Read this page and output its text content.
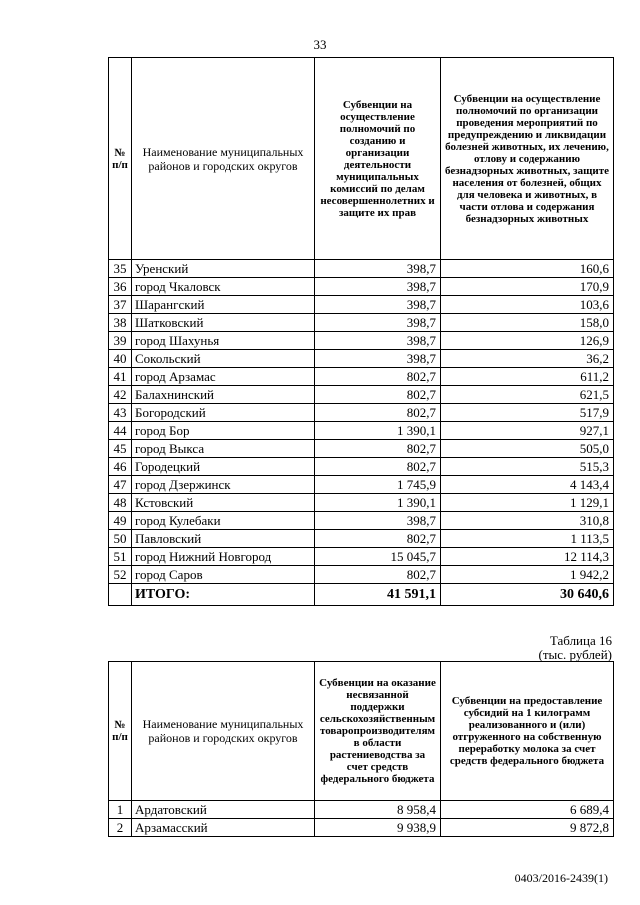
33
№ п/п	Наименование муниципальных районов и городских округов	Субвенции на осуществление полномочий по созданию и организации деятельности муниципальных комиссий по делам несовершеннолетних и защите их прав	Субвенции на осуществление полномочий по организации проведения мероприятий по предупреждению и ликвидации болезней животных, их лечению, отлову и содержанию безнадзорных животных, защите населения от болезней, общих для человека и животных, в части отлова и содержания безнадзорных животных
35	Уренский	398,7	160,6
36	город Чкаловск	398,7	170,9
37	Шарангский	398,7	103,6
38	Шатковский	398,7	158,0
39	город Шахунья	398,7	126,9
40	Сокольский	398,7	36,2
41	город Арзамас	802,7	611,2
42	Балахнинский	802,7	621,5
43	Богородский	802,7	517,9
44	город Бор	1 390,1	927,1
45	город Выкса	802,7	505,0
46	Городецкий	802,7	515,3
47	город Дзержинск	1 745,9	4 143,4
48	Кстовский	1 390,1	1 129,1
49	город Кулебаки	398,7	310,8
50	Павловский	802,7	1 113,5
51	город Нижний Новгород	15 045,7	12 114,3
52	город Саров	802,7	1 942,2
	ИТОГО:	41 591,1	30 640,6
Таблица 16
(тыс. рублей)
№ п/п	Наименование муниципальных районов и городских округов	Субвенции на оказание несвязанной поддержки сельскохозяйственным товаропроизводителям в области растениеводства за счет средств федерального бюджета	Субвенции на предоставление субсидий на 1 килограмм реализованного и (или) отгруженного на собственную переработку молока за счет средств федерального бюджета
1	Ардатовский	8 958,4	6 689,4
2	Арзамасский	9 938,9	9 872,8
0403/2016-2439(1)
